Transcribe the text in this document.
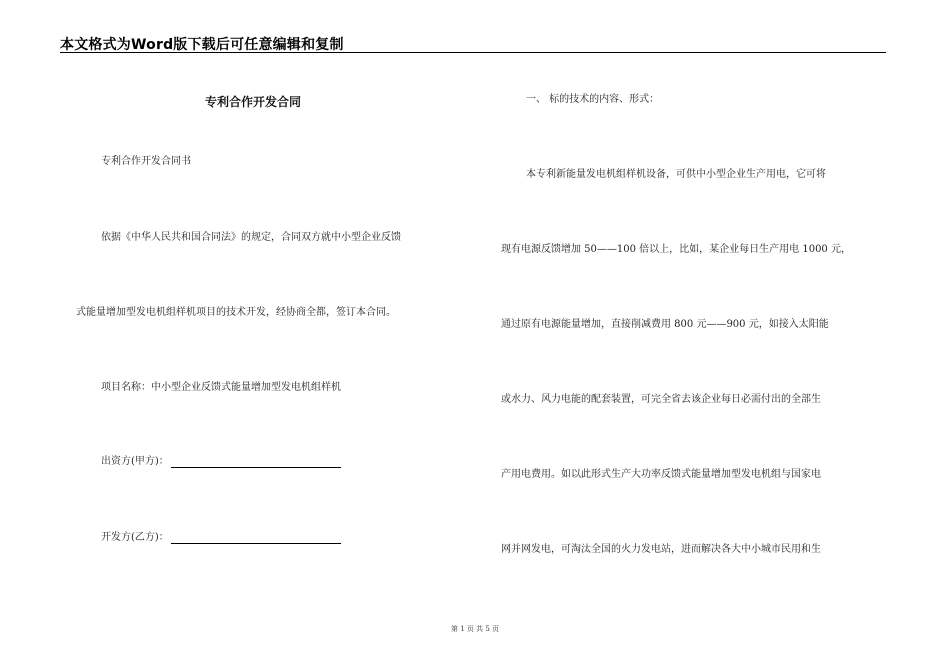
本文格式为Word版下载后可任意编辑和复制
专利合作开发合同
专利合作开发合同书
依据《中华人民共和国合同法》的规定，合同双方就中小型企业反馈
式能量增加型发电机组样机项目的技术开发，经协商全都，签订本合同。
项目名称：中小型企业反馈式能量增加型发电机组样机
出资方(甲方)：
开发方(乙方)：
一、 标的技术的内容、形式：
本专利新能量发电机组样机设备，可供中小型企业生产用电，它可将
现有电源反馈增加 50——100 倍以上，比如，某企业每日生产用电 1000 元，
通过原有电源能量增加，直接削减费用 800 元——900 元，如接入太阳能
或水力、风力电能的配套装置，可完全省去该企业每日必需付出的全部生
产用电费用。如以此形式生产大功率反馈式能量增加型发电机组与国家电
网并网发电，可淘汰全国的火力发电站，进而解决各大中小城市民用和生
第 1 页 共 5 页
